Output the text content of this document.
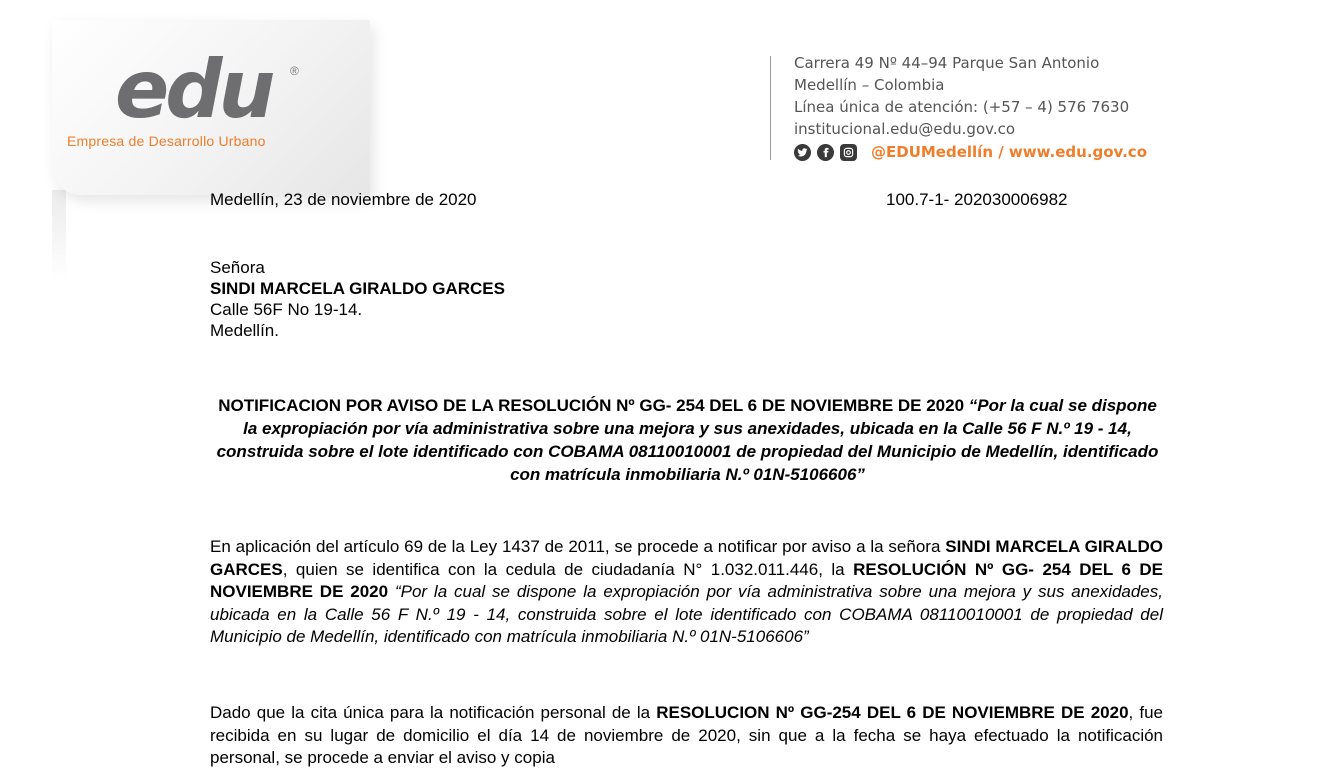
edu ®
Empresa de Desarrollo Urbano
Carrera 49 Nº 44–94 Parque San Antonio
Medellín – Colombia
Línea única de atención: (+57 – 4) 576 7630
institucional.edu@edu.gov.co
@EDUMedellín / www.edu.gov.co
Medellín, 23 de noviembre de 2020	100.7-1- 202030006982
Señora
SINDI MARCELA GIRALDO GARCES
Calle 56F No 19-14.
Medellín.
NOTIFICACION POR AVISO DE LA RESOLUCIÓN Nº GG- 254 DEL 6 DE NOVIEMBRE DE 2020 “Por la cual se dispone la expropiación por vía administrativa sobre una mejora y sus anexidades, ubicada en la Calle 56 F N.º 19 - 14, construida sobre el lote identificado con COBAMA 08110010001 de propiedad del Municipio de Medellín, identificado con matrícula inmobiliaria N.º 01N-5106606”
En aplicación del artículo 69 de la Ley 1437 de 2011, se procede a notificar por aviso a la señora SINDI MARCELA GIRALDO GARCES, quien se identifica con la cedula de ciudadanía N° 1.032.011.446, la RESOLUCIÓN Nº GG- 254 DEL 6 DE NOVIEMBRE DE 2020 “Por la cual se dispone la expropiación por vía administrativa sobre una mejora y sus anexidades, ubicada en la Calle 56 F N.º 19 - 14, construida sobre el lote identificado con COBAMA 08110010001 de propiedad del Municipio de Medellín, identificado con matrícula inmobiliaria N.º 01N-5106606”
Dado que la cita única para la notificación personal de la RESOLUCION Nº GG-254 DEL 6 DE NOVIEMBRE DE 2020, fue recibida en su lugar de domicilio el día 14 de noviembre de 2020, sin que a la fecha se haya efectuado la notificación personal, se procede a enviar el aviso y copia
